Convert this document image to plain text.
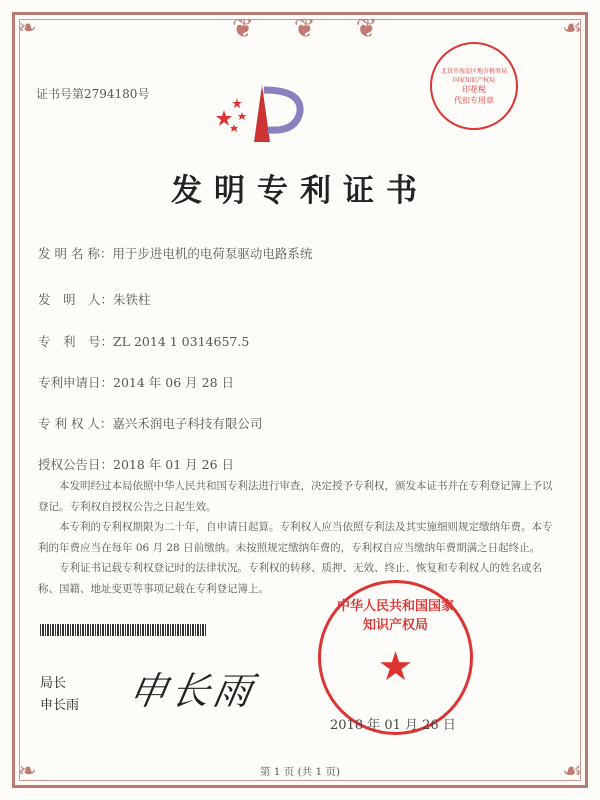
❦❦❦
❧	☙
❧	☙
证书号第2794180号
北京市海淀区地方税务局 国家知识产权局
印花税
代扣专用章
发明专利证书
发 明 名 称：用于步进电机的电荷泵驱动电路系统
发　明　人：朱铁柱
专　利　号：ZL 2014 1 0314657.5
专利申请日：2014 年 06 月 28 日
专 利 权 人：嘉兴禾润电子科技有限公司
授权公告日：2018 年 01 月 26 日

本发明经过本局依照中华人民共和国专利法进行审查，决定授予专利权，颁发本证书并在专利登记簿上予以登记。专利权自授权公告之日起生效。

本专利的专利权期限为二十年，自申请日起算。专利权人应当依照专利法及其实施细则规定缴纳年费。本专利的年费应当在每年 06 月 28 日前缴纳。未按照规定缴纳年费的，专利权自应当缴纳年费期满之日起终止。

专利证书记载专利权登记时的法律状况。专利权的转移、质押、无效、终止、恢复和专利权人的姓名或名称、国籍、地址变更等事项记载在专利登记簿上。

局长
申长雨 申长雨
中华人民共和国国家知识产权局
★
2018 年 01 月 26 日
第 1 页 (共 1 页)
